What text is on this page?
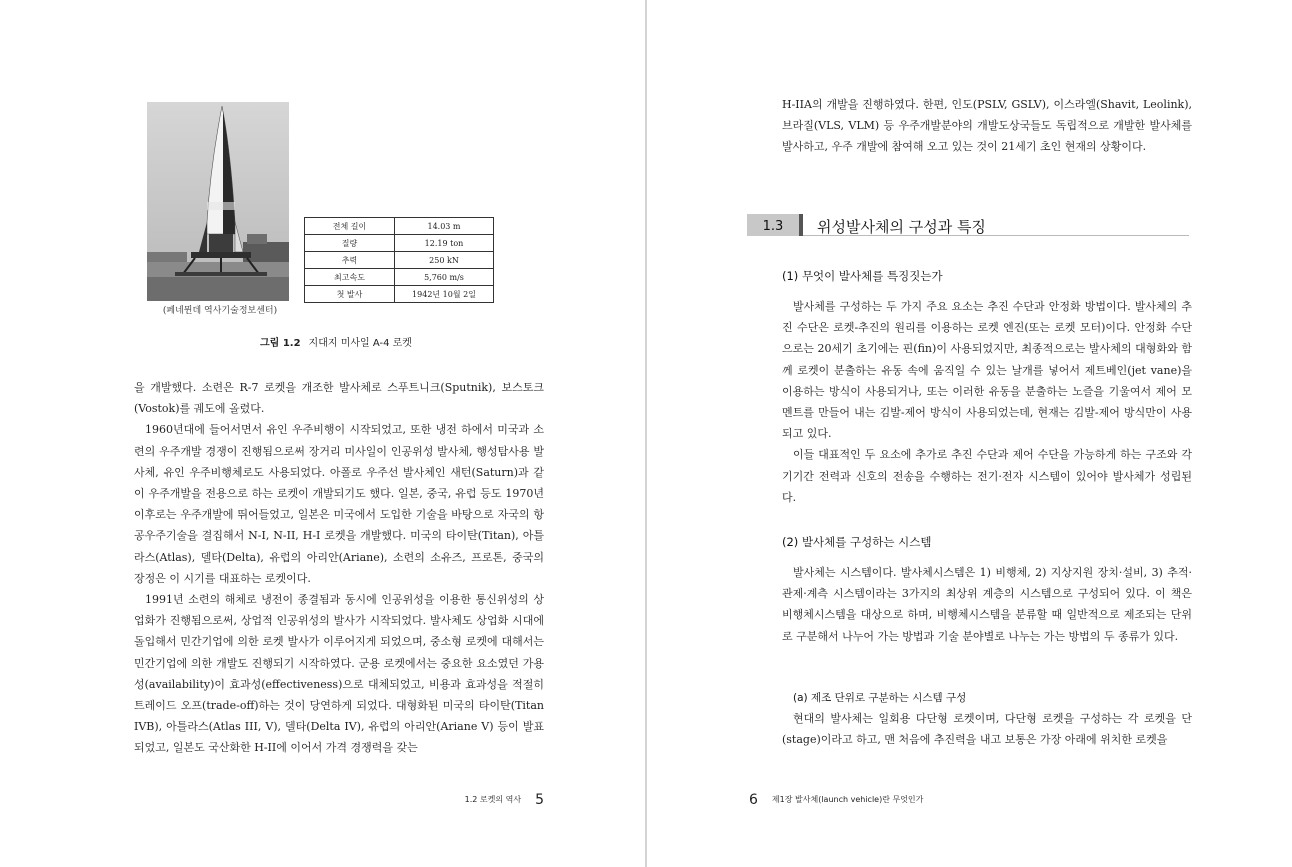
(페네뮌데 역사기술정보센터)
전체 길이	14.03 m
질량	12.19 ton
추력	250 kN
최고속도	5,760 m/s
첫 발사	1942년 10월 2일
그림 1.2 지대지 미사일 A-4 로켓
을 개발했다. 소련은 R-7 로켓을 개조한 발사체로 스푸트니크(Sputnik), 보스토크(Vostok)를 궤도에 올렸다.
1960년대에 들어서면서 유인 우주비행이 시작되었고, 또한 냉전 하에서 미국과 소련의 우주개발 경쟁이 진행됨으로써 장거리 미사일이 인공위성 발사체, 행성탐사용 발사체, 유인 우주비행체로도 사용되었다. 아폴로 우주선 발사체인 새턴(Saturn)과 같이 우주개발을 전용으로 하는 로켓이 개발되기도 했다. 일본, 중국, 유럽 등도 1970년 이후로는 우주개발에 뛰어들었고, 일본은 미국에서 도입한 기술을 바탕으로 자국의 항공우주기술을 결집해서 N-I, N-II, H-I 로켓을 개발했다. 미국의 타이탄(Titan), 아틀라스(Atlas), 델타(Delta), 유럽의 아리안(Ariane), 소련의 소유즈, 프로톤, 중국의 장정은 이 시기를 대표하는 로켓이다.
1991년 소련의 해체로 냉전이 종결됨과 동시에 인공위성을 이용한 통신위성의 상업화가 진행됨으로써, 상업적 인공위성의 발사가 시작되었다. 발사체도 상업화 시대에 돌입해서 민간기업에 의한 로켓 발사가 이루어지게 되었으며, 중소형 로켓에 대해서는 민간기업에 의한 개발도 진행되기 시작하였다. 군용 로켓에서는 중요한 요소였던 가용성(availability)이 효과성(effectiveness)으로 대체되었고, 비용과 효과성을 적절히 트레이드 오프(trade-off)하는 것이 당연하게 되었다. 대형화된 미국의 타이탄(Titan IVB), 아틀라스(Atlas III, V), 델타(Delta IV), 유럽의 아리안(Ariane V) 등이 발표되었고, 일본도 국산화한 H-II에 이어서 가격 경쟁력을 갖는
1.2 로켓의 역사 5

H-IIA의 개발을 진행하였다. 한편, 인도(PSLV, GSLV), 이스라엘(Shavit, Leolink), 브라질(VLS, VLM) 등 우주개발분야의 개발도상국들도 독립적으로 개발한 발사체를 발사하고, 우주 개발에 참여해 오고 있는 것이 21세기 초인 현재의 상황이다.

1.3	위성발사체의 구성과 특징
(1) 무엇이 발사체를 특징짓는가
발사체를 구성하는 두 가지 주요 요소는 추진 수단과 안정화 방법이다. 발사체의 추진 수단은 로켓-추진의 원리를 이용하는 로켓 엔진(또는 로켓 모터)이다. 안정화 수단으로는 20세기 초기에는 핀(fin)이 사용되었지만, 최종적으로는 발사체의 대형화와 함께 로켓이 분출하는 유동 속에 움직일 수 있는 날개를 넣어서 제트베인(jet vane)을 이용하는 방식이 사용되거나, 또는 이러한 유동을 분출하는 노즐을 기울여서 제어 모멘트를 만들어 내는 김발-제어 방식이 사용되었는데, 현재는 김발-제어 방식만이 사용되고 있다.
이들 대표적인 두 요소에 추가로 추진 수단과 제어 수단을 가능하게 하는 구조와 각 기기간 전력과 신호의 전송을 수행하는 전기·전자 시스템이 있어야 발사체가 성립된다.
(2) 발사체를 구성하는 시스템
발사체는 시스템이다. 발사체시스템은 1) 비행체, 2) 지상지원 장치·설비, 3) 추적·관제·계측 시스템이라는 3가지의 최상위 계층의 시스템으로 구성되어 있다. 이 책은 비행체시스템을 대상으로 하며, 비행체시스템을 분류할 때 일반적으로 제조되는 단위로 구분해서 나누어 가는 방법과 기술 분야별로 나누는 가는 방법의 두 종류가 있다.
(a) 제조 단위로 구분하는 시스템 구성
현대의 발사체는 일회용 다단형 로켓이며, 다단형 로켓을 구성하는 각 로켓을 단(stage)이라고 하고, 맨 처음에 추진력을 내고 보통은 가장 아래에 위치한 로켓을
6 제1장 발사체(launch vehicle)란 무엇인가
